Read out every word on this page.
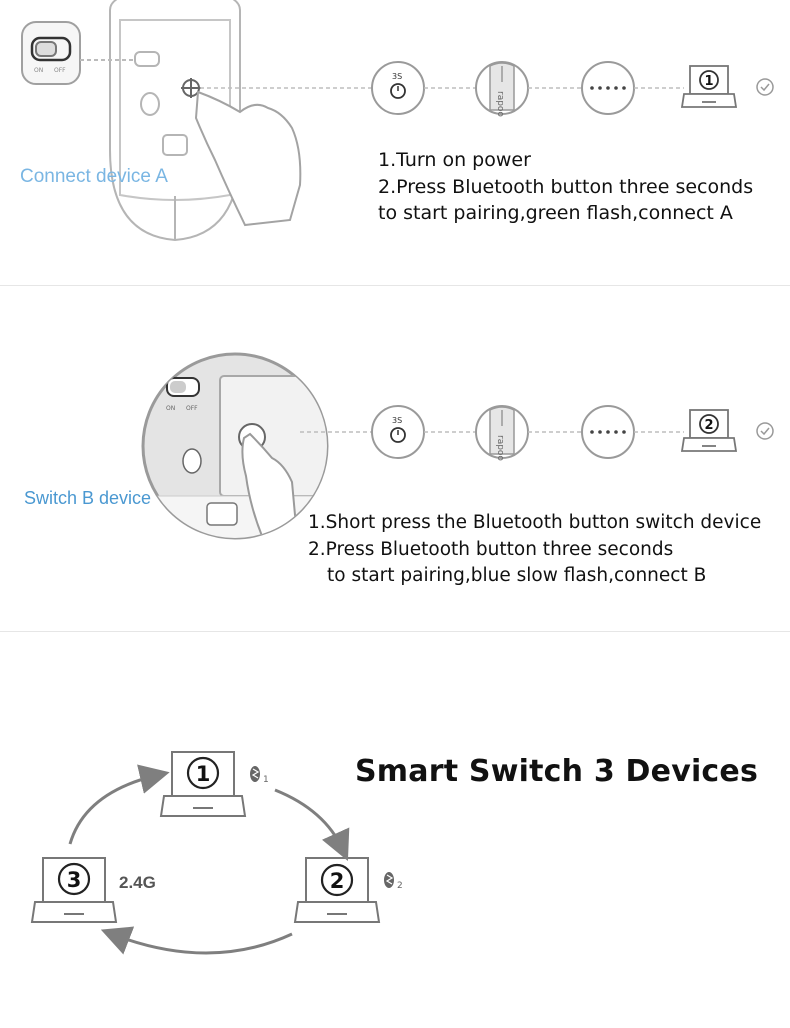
ON OFF
3S
rapoo
1
Connect device A
1.Turn on power
2.Press Bluetooth button three seconds
to start pairing,green flash,connect A
ON OFF
3S
rapoo
2
Switch B device
1.Short press the Bluetooth button switch device
2.Press Bluetooth button three seconds
to start pairing,blue slow flash,connect B
1	1
2	2
3
Smart Switch 3 Devices
2.4G
